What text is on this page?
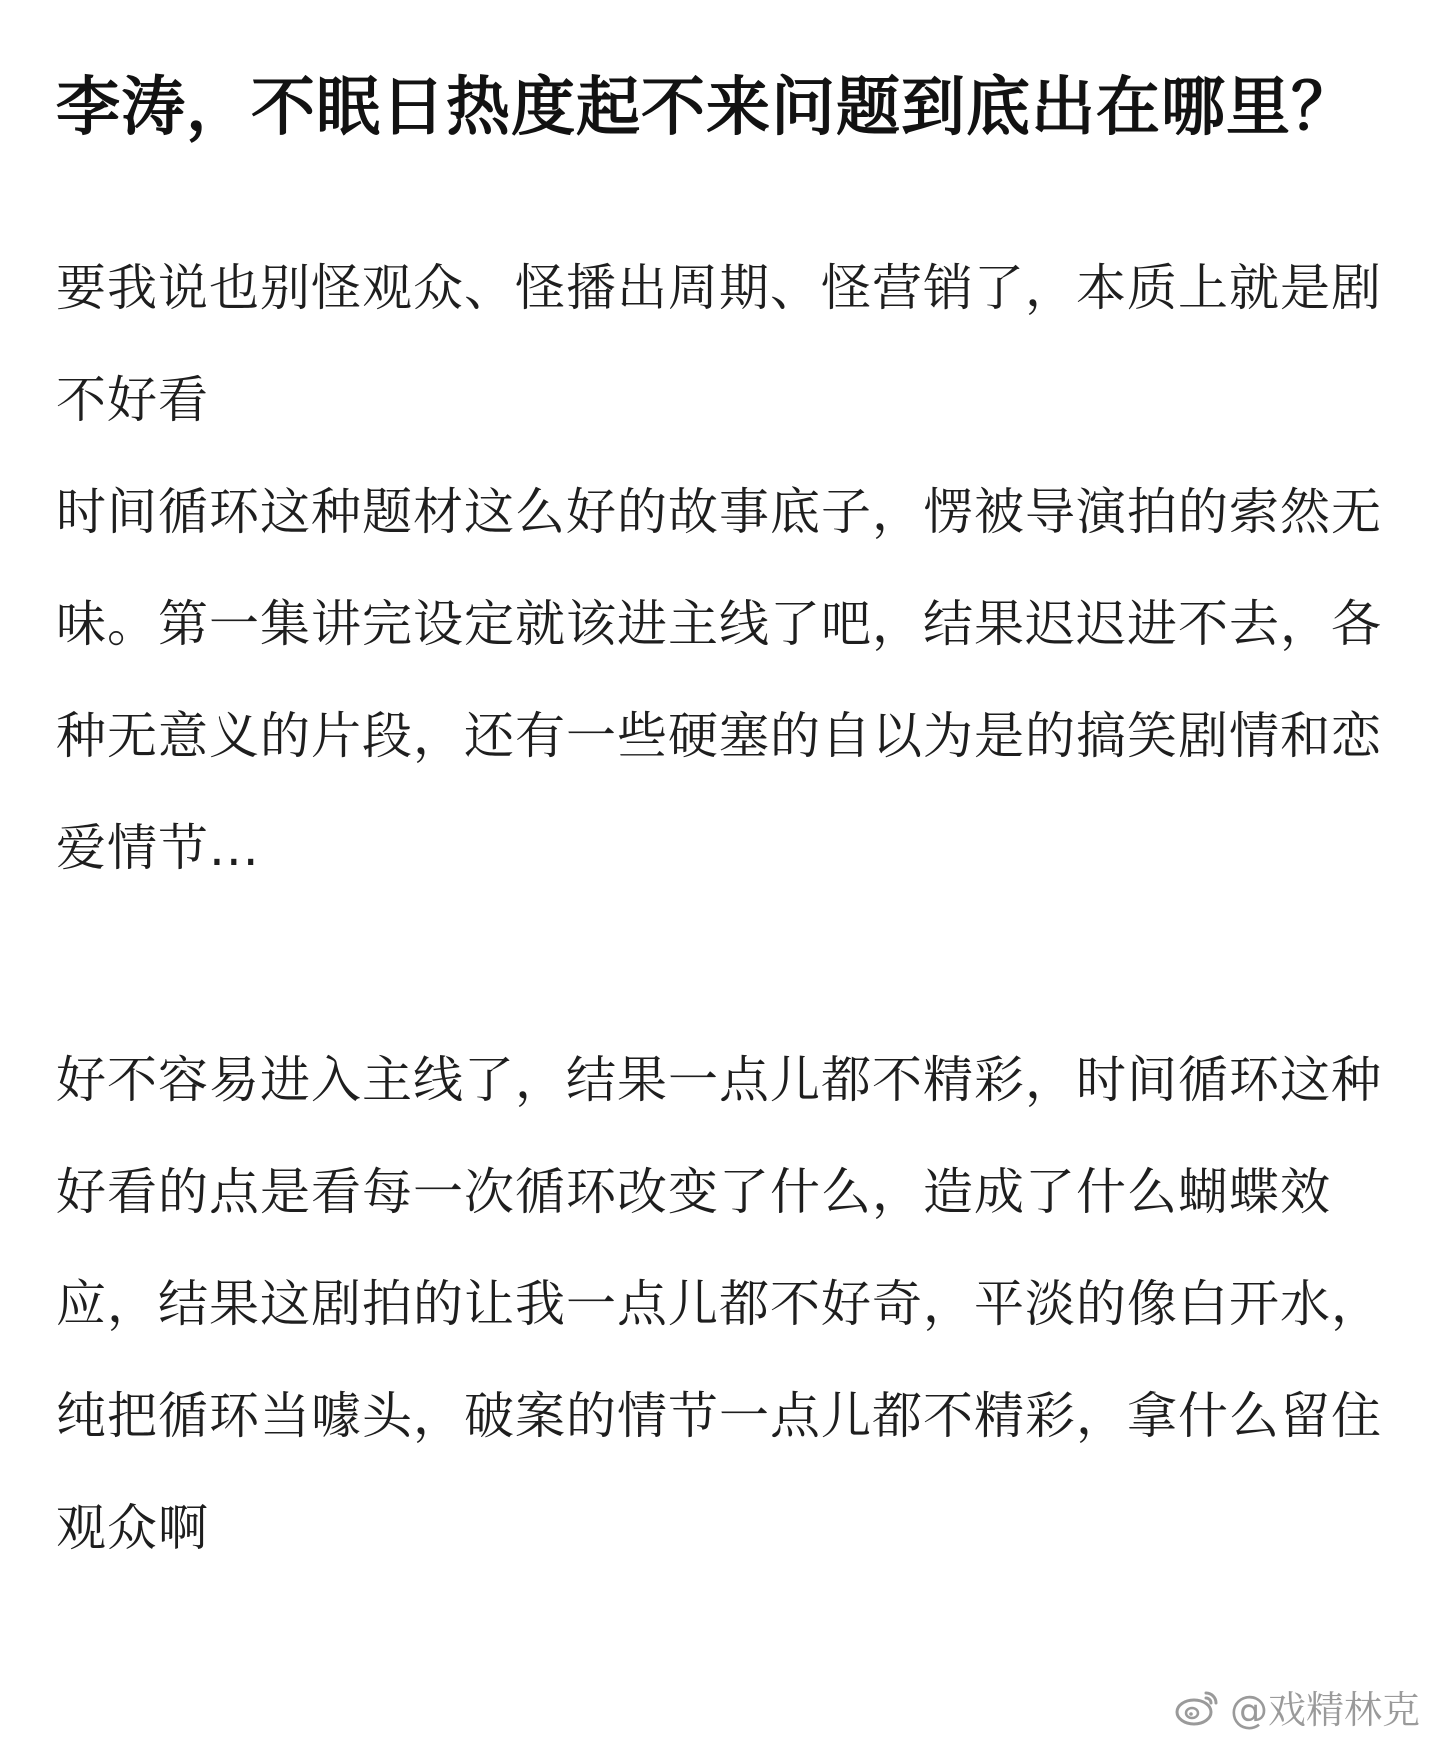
李涛，不眠日热度起不来问题到底出在哪里？

要我说也别怪观众、怪播出周期、怪营销了，本质上就是剧不好看

时间循环这种题材这么好的故事底子，愣被导演拍的索然无味。第一集讲完设定就该进主线了吧，结果迟迟进不去，各种无意义的片段，还有一些硬塞的自以为是的搞笑剧情和恋爱情节...

好不容易进入主线了，结果一点儿都不精彩，时间循环这种好看的点是看每一次循环改变了什么，造成了什么蝴蝶效应，结果这剧拍的让我一点儿都不好奇，平淡的像白开水，纯把循环当噱头，破案的情节一点儿都不精彩，拿什么留住观众啊

@戏精林克
